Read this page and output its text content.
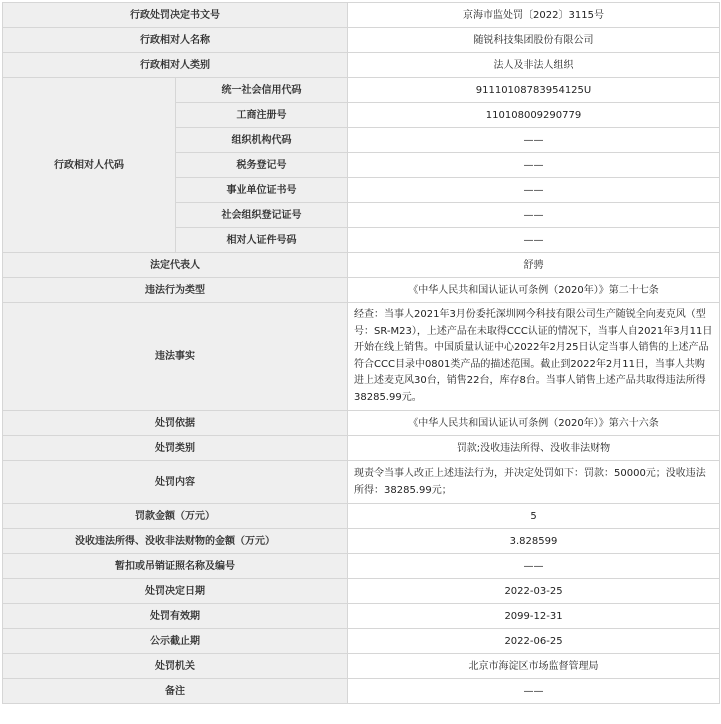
行政处罚决定书文号		京海市监处罚〔2022〕3115号
行政相对人名称		随锐科技集团股份有限公司
行政相对人类别		法人及非法人组织
行政相对人代码	统一社会信用代码	91110108783954125U
	工商注册号	110108009290779
	组织机构代码	——
	税务登记号	——
	事业单位证书号	——
	社会组织登记证号	——
	相对人证件号码	——
法定代表人		舒骋
违法行为类型		《中华人民共和国认证认可条例（2020年）》第二十七条
违法事实		经查：当事人2021年3月份委托深圳网今科技有限公司生产随锐全向麦克风（型号：SR-M23），上述产品在未取得CCC认证的情况下，当事人自2021年3月11日开始在线上销售。中国质量认证中心2022年2月25日认定当事人销售的上述产品符合CCC目录中0801类产品的描述范围。截止到2022年2月11日，当事人共购进上述麦克风30台，销售22台，库存8台。当事人销售上述产品共取得违法所得38285.99元。
处罚依据		《中华人民共和国认证认可条例（2020年）》第六十六条
处罚类别		罚款;没收违法所得、没收非法财物
处罚内容		现责令当事人改正上述违法行为，并决定处罚如下：罚款：50000元；没收违法所得：38285.99元；
罚款金额（万元）		5
没收违法所得、没收非法财物的金额（万元）		3.828599
暂扣或吊销证照名称及编号		——
处罚决定日期		2022-03-25
处罚有效期		2099-12-31
公示截止期		2022-06-25
处罚机关		北京市海淀区市场监督管理局
备注		——
